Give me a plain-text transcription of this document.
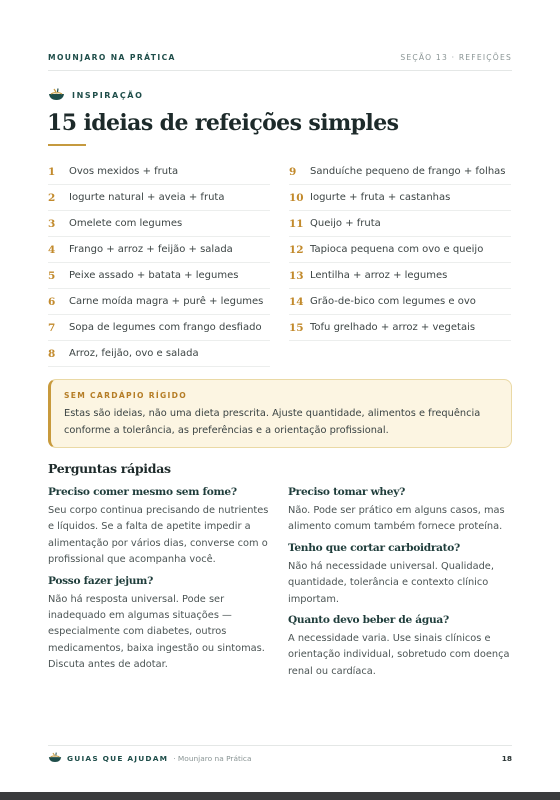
MOUNJARO NA PRÁTICA	SEÇÃO 13 · REFEIÇÕES
INSPIRAÇÃO
15 ideias de refeições simples
1	Ovos mexidos + fruta
2	Iogurte natural + aveia + fruta
3	Omelete com legumes
4	Frango + arroz + feijão + salada
5	Peixe assado + batata + legumes
6	Carne moída magra + purê + legumes
7	Sopa de legumes com frango desfiado
8	Arroz, feijão, ovo e salada
9	Sanduíche pequeno de frango + folhas
10 Iogurte + fruta + castanhas
11 Queijo + fruta
12 Tapioca pequena com ovo e queijo
13 Lentilha + arroz + legumes
14 Grão-de-bico com legumes e ovo
15 Tofu grelhado + arroz + vegetais
SEM CARDÁPIO RÍGIDO
Estas são ideias, não uma dieta prescrita. Ajuste quantidade, alimentos e frequência conforme a tolerância, as preferências e a orientação profissional.
Perguntas rápidas
Preciso comer mesmo sem fome?
Seu corpo continua precisando de nutrientes e líquidos. Se a falta de apetite impedir a alimentação por vários dias, converse com o profissional que acompanha você.
Posso fazer jejum?
Não há resposta universal. Pode ser inadequado em algumas situações — especialmente com diabetes, outros medicamentos, baixa ingestão ou sintomas. Discuta antes de adotar.
Preciso tomar whey?
Não. Pode ser prático em alguns casos, mas alimento comum também fornece proteína.
Tenho que cortar carboidrato?
Não há necessidade universal. Qualidade, quantidade, tolerância e contexto clínico importam.
Quanto devo beber de água?
A necessidade varia. Use sinais clínicos e orientação individual, sobretudo com doença renal ou cardíaca.
GUIAS QUE AJUDAM · Mounjaro na Prática	18
